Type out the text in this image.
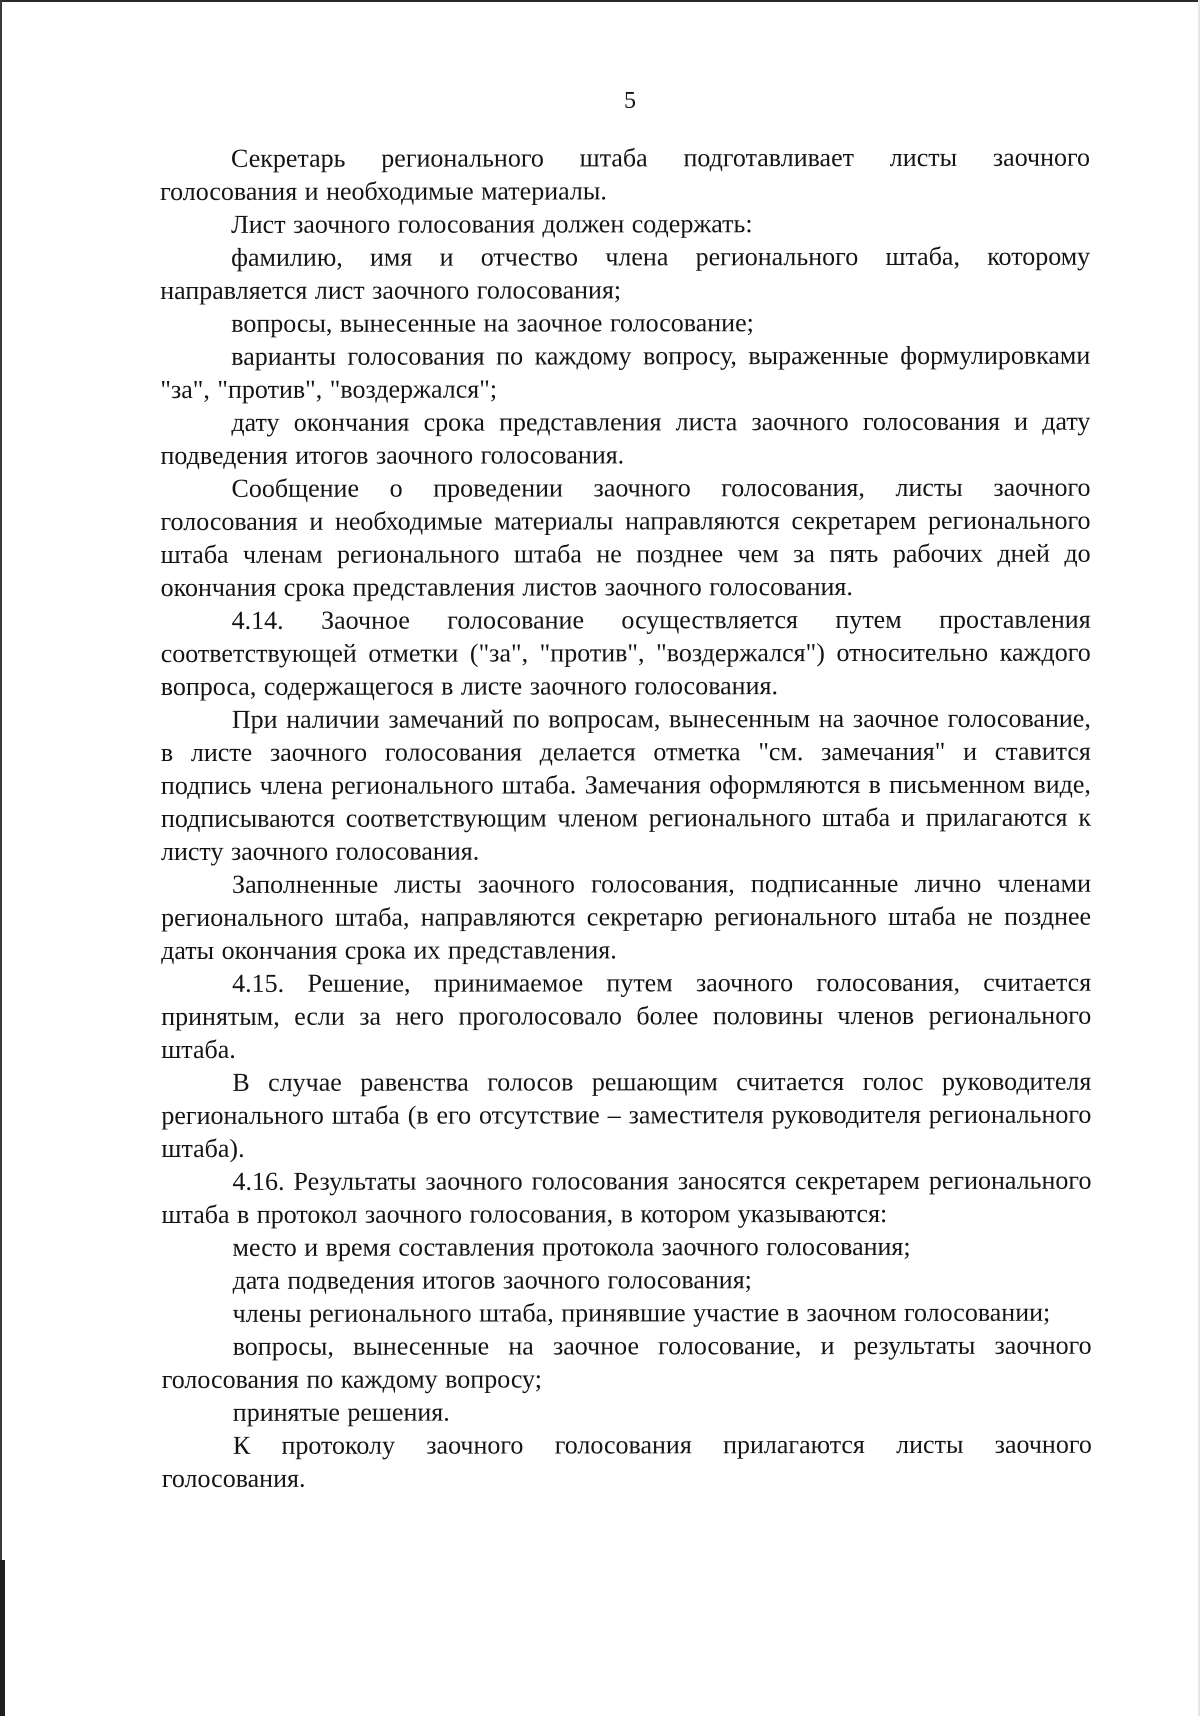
5

Секретарь регионального штаба подготавливает листы заочного голосования и необходимые материалы.

Лист заочного голосования должен содержать:

фамилию, имя и отчество члена регионального штаба, которому направляется лист заочного голосования;

вопросы, вынесенные на заочное голосование;

варианты голосования по каждому вопросу, выраженные формулировками "за", "против", "воздержался";

дату окончания срока представления листа заочного голосования и дату подведения итогов заочного голосования.

Сообщение о проведении заочного голосования, листы заочного голосования и необходимые материалы направляются секретарем регионального штаба членам регионального штаба не позднее чем за пять рабочих дней до окончания срока представления листов заочного голосования.

4.14. Заочное голосование осуществляется путем проставления соответствующей отметки ("за", "против", "воздержался") относительно каждого вопроса, содержащегося в листе заочного голосования.

При наличии замечаний по вопросам, вынесенным на заочное голосование, в листе заочного голосования делается отметка "см. замечания" и ставится подпись члена регионального штаба. Замечания оформляются в письменном виде, подписываются соответствующим членом регионального штаба и прилагаются к листу заочного голосования.

Заполненные листы заочного голосования, подписанные лично членами регионального штаба, направляются секретарю регионального штаба не позднее даты окончания срока их представления.

4.15. Решение, принимаемое путем заочного голосования, считается принятым, если за него проголосовало более половины членов регионального штаба.

В случае равенства голосов решающим считается голос руководителя регионального штаба (в его отсутствие – заместителя руководителя регионального штаба).

4.16. Результаты заочного голосования заносятся секретарем регионального штаба в протокол заочного голосования, в котором указываются:

место и время составления протокола заочного голосования;

дата подведения итогов заочного голосования;

члены регионального штаба, принявшие участие в заочном голосовании;

вопросы, вынесенные на заочное голосование, и результаты заочного голосования по каждому вопросу;

принятые решения.

К протоколу заочного голосования прилагаются листы заочного голосования.
